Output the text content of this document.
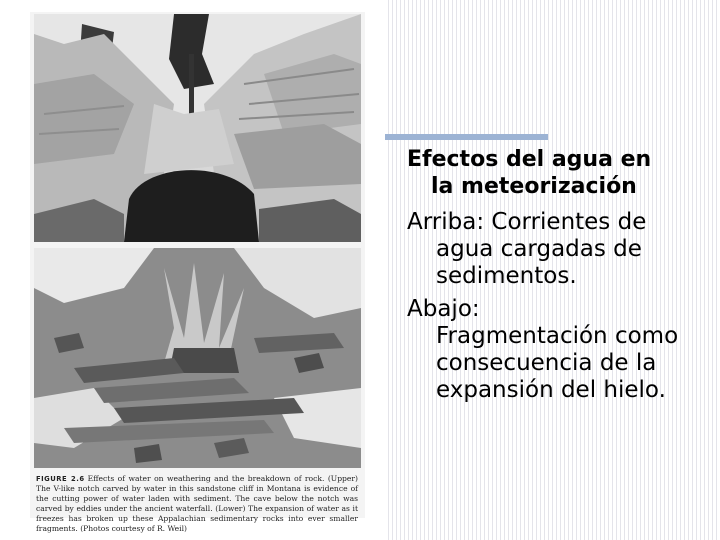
FIGURE 2.6 Effects of water on weathering and the breakdown of rock. (Upper) The V-like notch carved by water in this sandstone cliff in Montana is evidence of the cutting power of water laden with sediment. The cave below the notch was carved by eddies under the ancient waterfall. (Lower) The expansion of water as it freezes has broken up these Appalachian sedimentary rocks into ever smaller fragments. (Photos courtesy of R. Weil)
Efectos del agua en
la meteorización
Arriba: Corrientes de
agua cargadas de sedimentos.
Abajo:
Fragmentación como consecuencia de la expansión del hielo.
